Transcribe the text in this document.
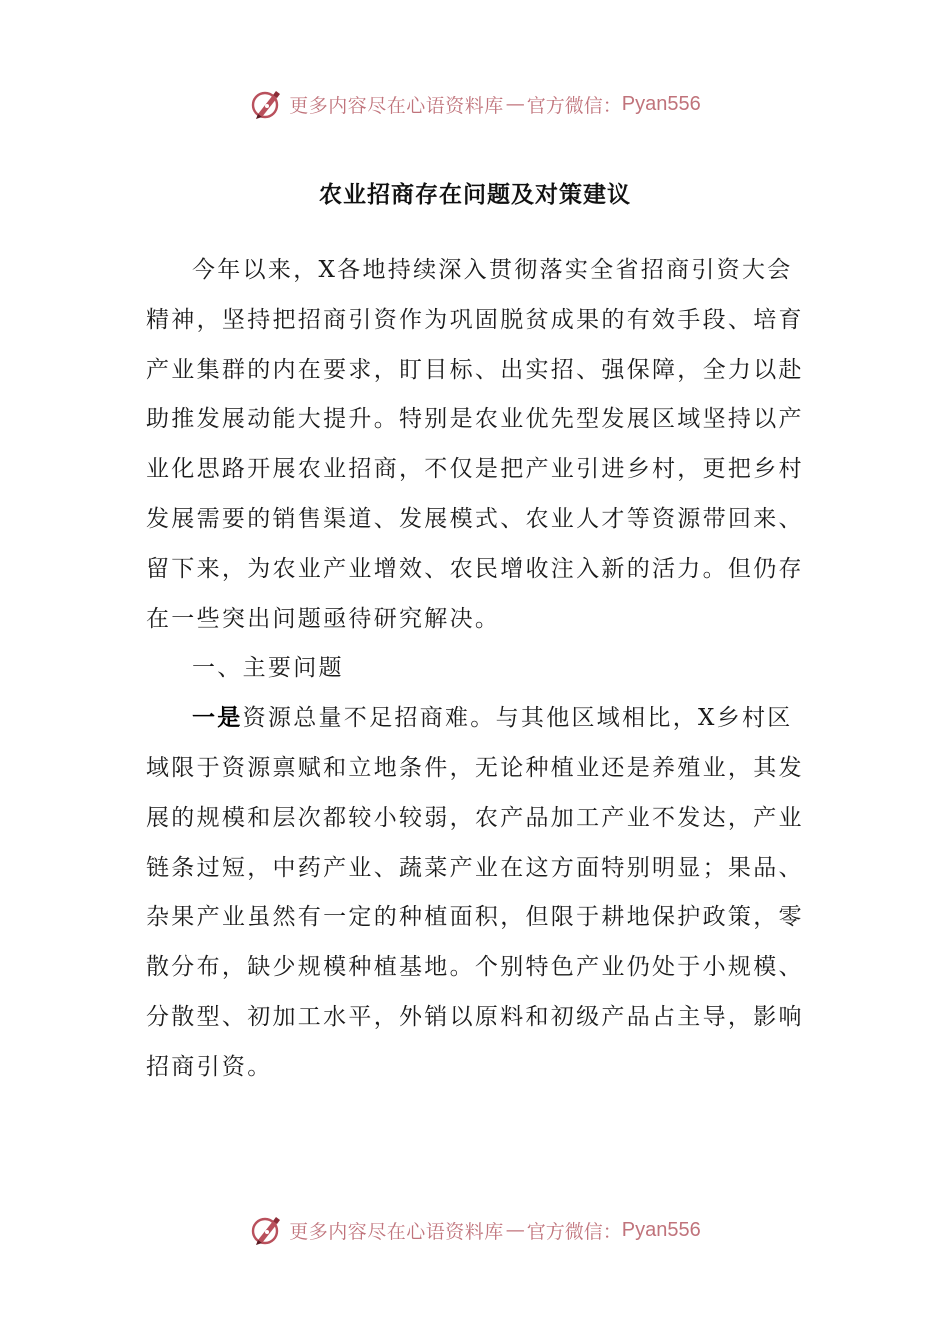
更多内容尽在心语资料库 — 官方微信： Pyan556
农业招商存在问题及对策建议

今年以来，X各地持续深入贯彻落实全省招商引资大会精神，坚持把招商引资作为巩固脱贫成果的有效手段、培育产业集群的内在要求，盯目标、出实招、强保障，全力以赴助推发展动能大提升。特别是农业优先型发展区域坚持以产业化思路开展农业招商，不仅是把产业引进乡村，更把乡村发展需要的销售渠道、发展模式、农业人才等资源带回来、留下来，为农业产业增效、农民增收注入新的活力。但仍存在一些突出问题亟待研究解决。

一、主要问题

一是资源总量不足招商难。与其他区域相比，X乡村区域限于资源禀赋和立地条件，无论种植业还是养殖业，其发展的规模和层次都较小较弱，农产品加工产业不发达，产业链条过短，中药产业、蔬菜产业在这方面特别明显；果品、杂果产业虽然有一定的种植面积，但限于耕地保护政策，零散分布，缺少规模种植基地。个别特色产业仍处于小规模、分散型、初加工水平，外销以原料和初级产品占主导，影响招商引资。

更多内容尽在心语资料库 — 官方微信： Pyan556
